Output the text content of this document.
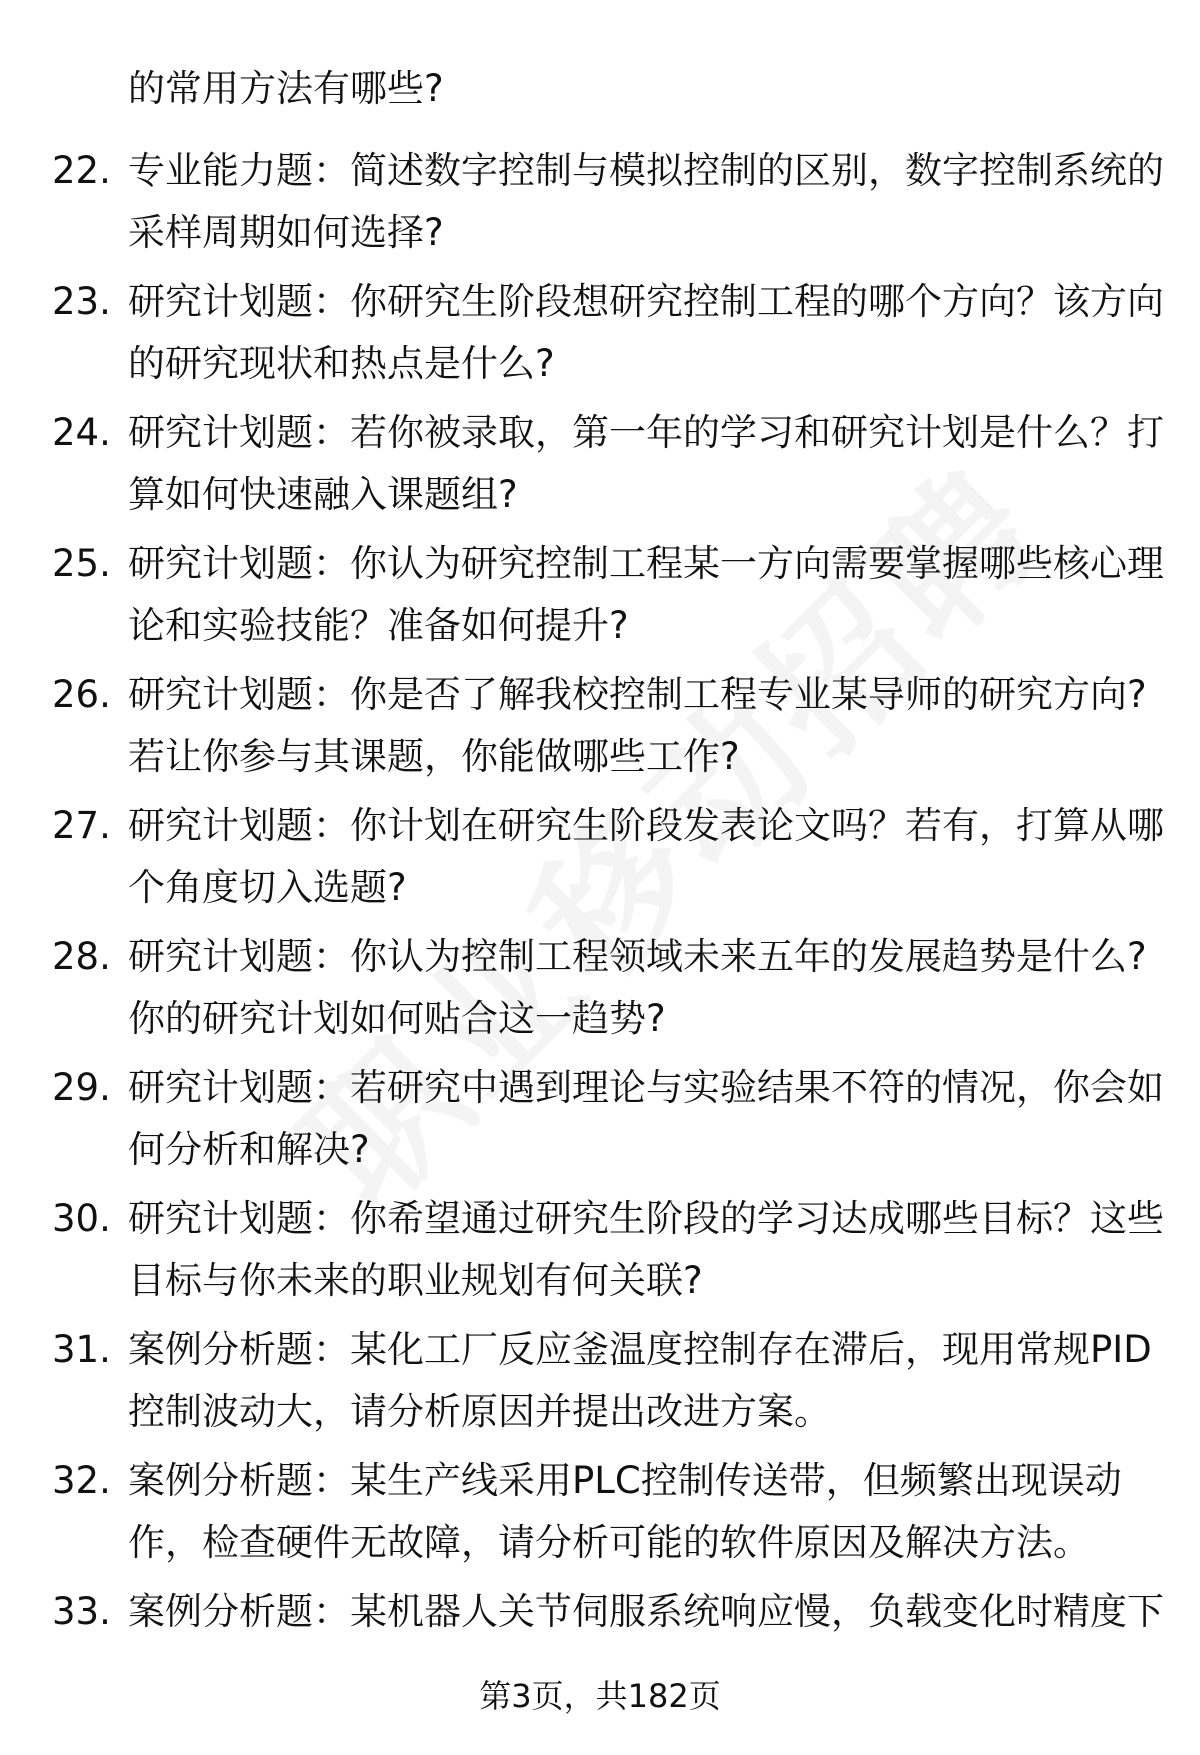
的常用方法有哪些?
22. 专业能力题：简述数字控制与模拟控制的区别，数字控制系统的
采样周期如何选择?
23. 研究计划题：你研究生阶段想研究控制工程的哪个方向？该方向
的研究现状和热点是什么?
24. 研究计划题：若你被录取，第一年的学习和研究计划是什么？打
算如何快速融入课题组?
25. 研究计划题：你认为研究控制工程某一方向需要掌握哪些核心理
论和实验技能？准备如何提升?
26. 研究计划题：你是否了解我校控制工程专业某导师的研究方向?
若让你参与其课题，你能做哪些工作?
27. 研究计划题：你计划在研究生阶段发表论文吗？若有，打算从哪
个角度切入选题?
28. 研究计划题：你认为控制工程领域未来五年的发展趋势是什么?
你的研究计划如何贴合这一趋势?
29. 研究计划题：若研究中遇到理论与实验结果不符的情况，你会如
何分析和解决?
30. 研究计划题：你希望通过研究生阶段的学习达成哪些目标？这些
目标与你未来的职业规划有何关联?
31. 案例分析题：某化工厂反应釜温度控制存在滞后，现用常规PID
控制波动大，请分析原因并提出改进方案。
32. 案例分析题：某生产线采用PLC控制传送带，但频繁出现误动
作，检查硬件无故障，请分析可能的软件原因及解决方法。
33. 案例分析题：某机器人关节伺服系统响应慢，负载变化时精度下
第3页，共182页
